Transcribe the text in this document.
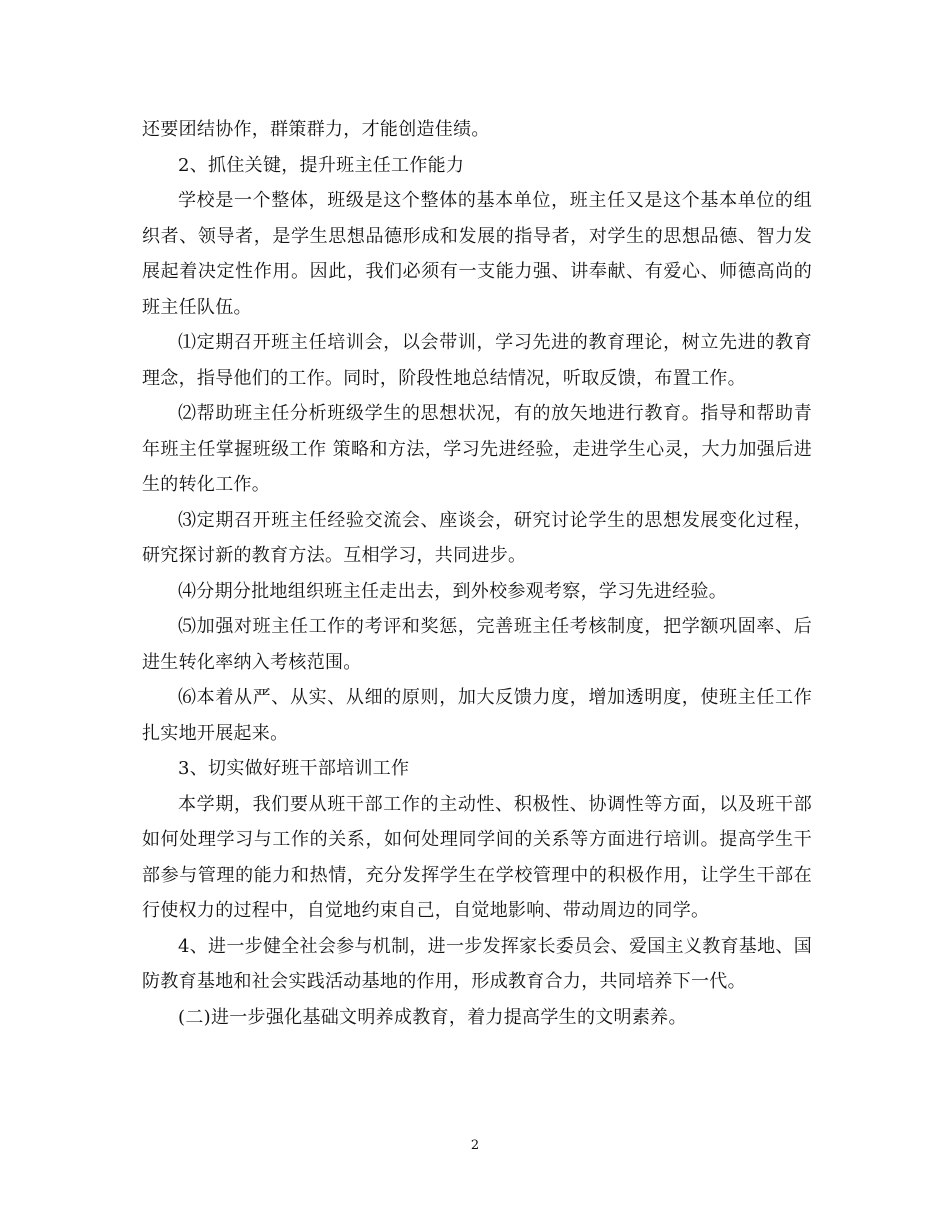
还要团结协作，群策群力，才能创造佳绩。

2、抓住关键，提升班主任工作能力

学校是一个整体，班级是这个整体的基本单位，班主任又是这个基本单位的组织者、领导者，是学生思想品德形成和发展的指导者，对学生的思想品德、智力发展起着决定性作用。因此，我们必须有一支能力强、讲奉献、有爱心、师德高尚的班主任队伍。

⑴定期召开班主任培训会，以会带训，学习先进的教育理论，树立先进的教育理念，指导他们的工作。同时，阶段性地总结情况，听取反馈，布置工作。

⑵帮助班主任分析班级学生的思想状况，有的放矢地进行教育。指导和帮助青年班主任掌握班级工作 策略和方法，学习先进经验，走进学生心灵，大力加强后进生的转化工作。

⑶定期召开班主任经验交流会、座谈会，研究讨论学生的思想发展变化过程，研究探讨新的教育方法。互相学习，共同进步。

⑷分期分批地组织班主任走出去，到外校参观考察，学习先进经验。

⑸加强对班主任工作的考评和奖惩，完善班主任考核制度，把学额巩固率、后进生转化率纳入考核范围。

⑹本着从严、从实、从细的原则，加大反馈力度，增加透明度，使班主任工作扎实地开展起来。

3、切实做好班干部培训工作

本学期，我们要从班干部工作的主动性、积极性、协调性等方面，以及班干部如何处理学习与工作的关系，如何处理同学间的关系等方面进行培训。提高学生干部参与管理的能力和热情，充分发挥学生在学校管理中的积极作用，让学生干部在行使权力的过程中，自觉地约束自己，自觉地影响、带动周边的同学。

4、进一步健全社会参与机制，进一步发挥家长委员会、爱国主义教育基地、国防教育基地和社会实践活动基地的作用，形成教育合力，共同培养下一代。

(二)进一步强化基础文明养成教育，着力提高学生的文明素养。

2
